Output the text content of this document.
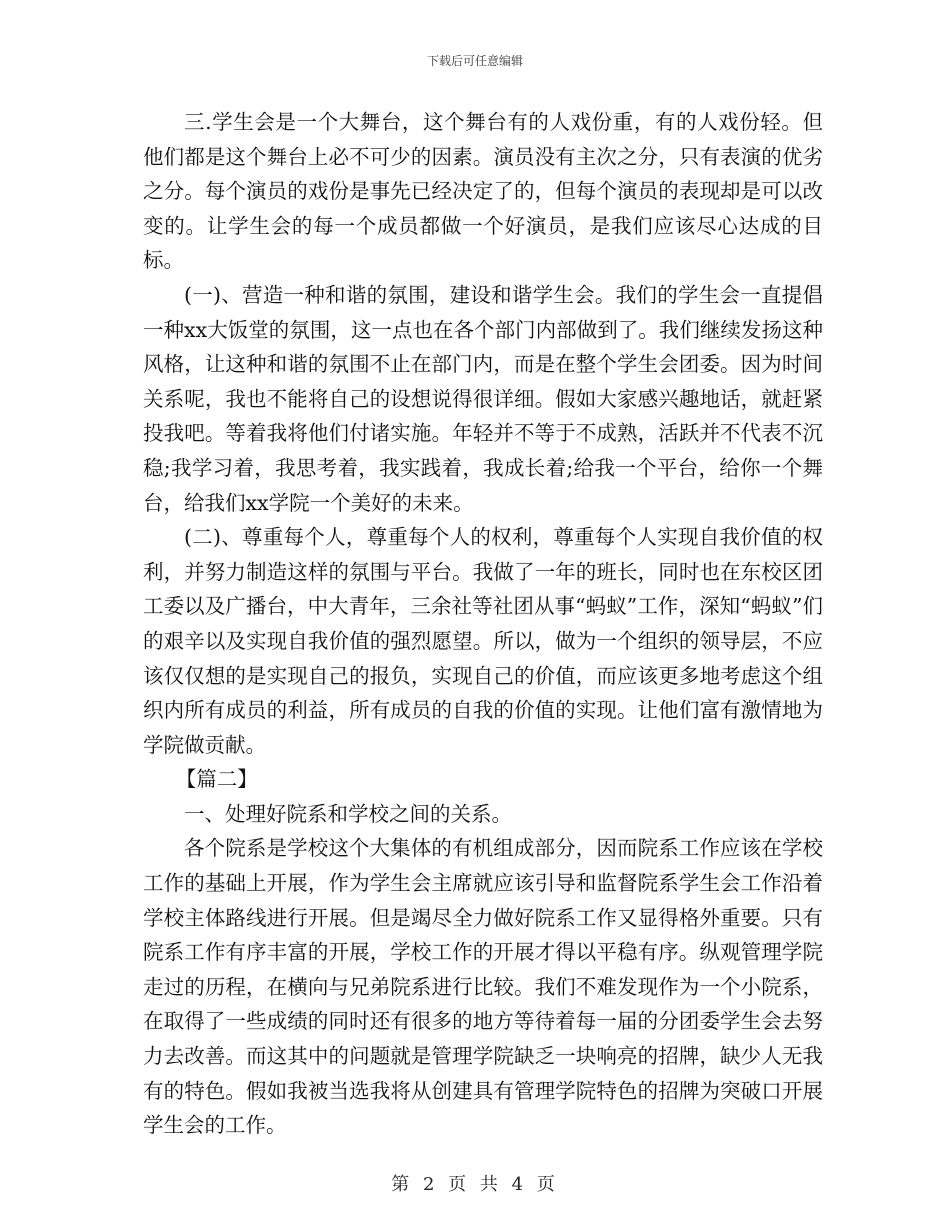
下载后可任意编辑

三.学生会是一个大舞台，这个舞台有的人戏份重，有的人戏份轻。但他们都是这个舞台上必不可少的因素。演员没有主次之分，只有表演的优劣之分。每个演员的戏份是事先已经决定了的，但每个演员的表现却是可以改变的。让学生会的每一个成员都做一个好演员，是我们应该尽心达成的目标。

(一)、营造一种和谐的氛围，建设和谐学生会。我们的学生会一直提倡一种xx大饭堂的氛围，这一点也在各个部门内部做到了。我们继续发扬这种风格，让这种和谐的氛围不止在部门内，而是在整个学生会团委。因为时间关系呢，我也不能将自己的设想说得很详细。假如大家感兴趣地话，就赶紧投我吧。等着我将他们付诸实施。年轻并不等于不成熟，活跃并不代表不沉稳;我学习着，我思考着，我实践着，我成长着;给我一个平台，给你一个舞台，给我们xx学院一个美好的未来。

(二)、尊重每个人，尊重每个人的权利，尊重每个人实现自我价值的权利，并努力制造这样的氛围与平台。我做了一年的班长，同时也在东校区团工委以及广播台，中大青年，三余社等社团从事“蚂蚁”工作，深知“蚂蚁”们的艰辛以及实现自我价值的强烈愿望。所以，做为一个组织的领导层，不应该仅仅想的是实现自己的报负，实现自己的价值，而应该更多地考虑这个组织内所有成员的利益，所有成员的自我的价值的实现。让他们富有激情地为学院做贡献。

【篇二】

一、处理好院系和学校之间的关系。

各个院系是学校这个大集体的有机组成部分，因而院系工作应该在学校工作的基础上开展，作为学生会主席就应该引导和监督院系学生会工作沿着学校主体路线进行开展。但是竭尽全力做好院系工作又显得格外重要。只有院系工作有序丰富的开展，学校工作的开展才得以平稳有序。纵观管理学院走过的历程，在横向与兄弟院系进行比较。我们不难发现作为一个小院系，在取得了一些成绩的同时还有很多的地方等待着每一届的分团委学生会去努力去改善。而这其中的问题就是管理学院缺乏一块响亮的招牌，缺少人无我有的特色。假如我被当选我将从创建具有管理学院特色的招牌为突破口开展学生会的工作。

第 2 页 共 4 页
